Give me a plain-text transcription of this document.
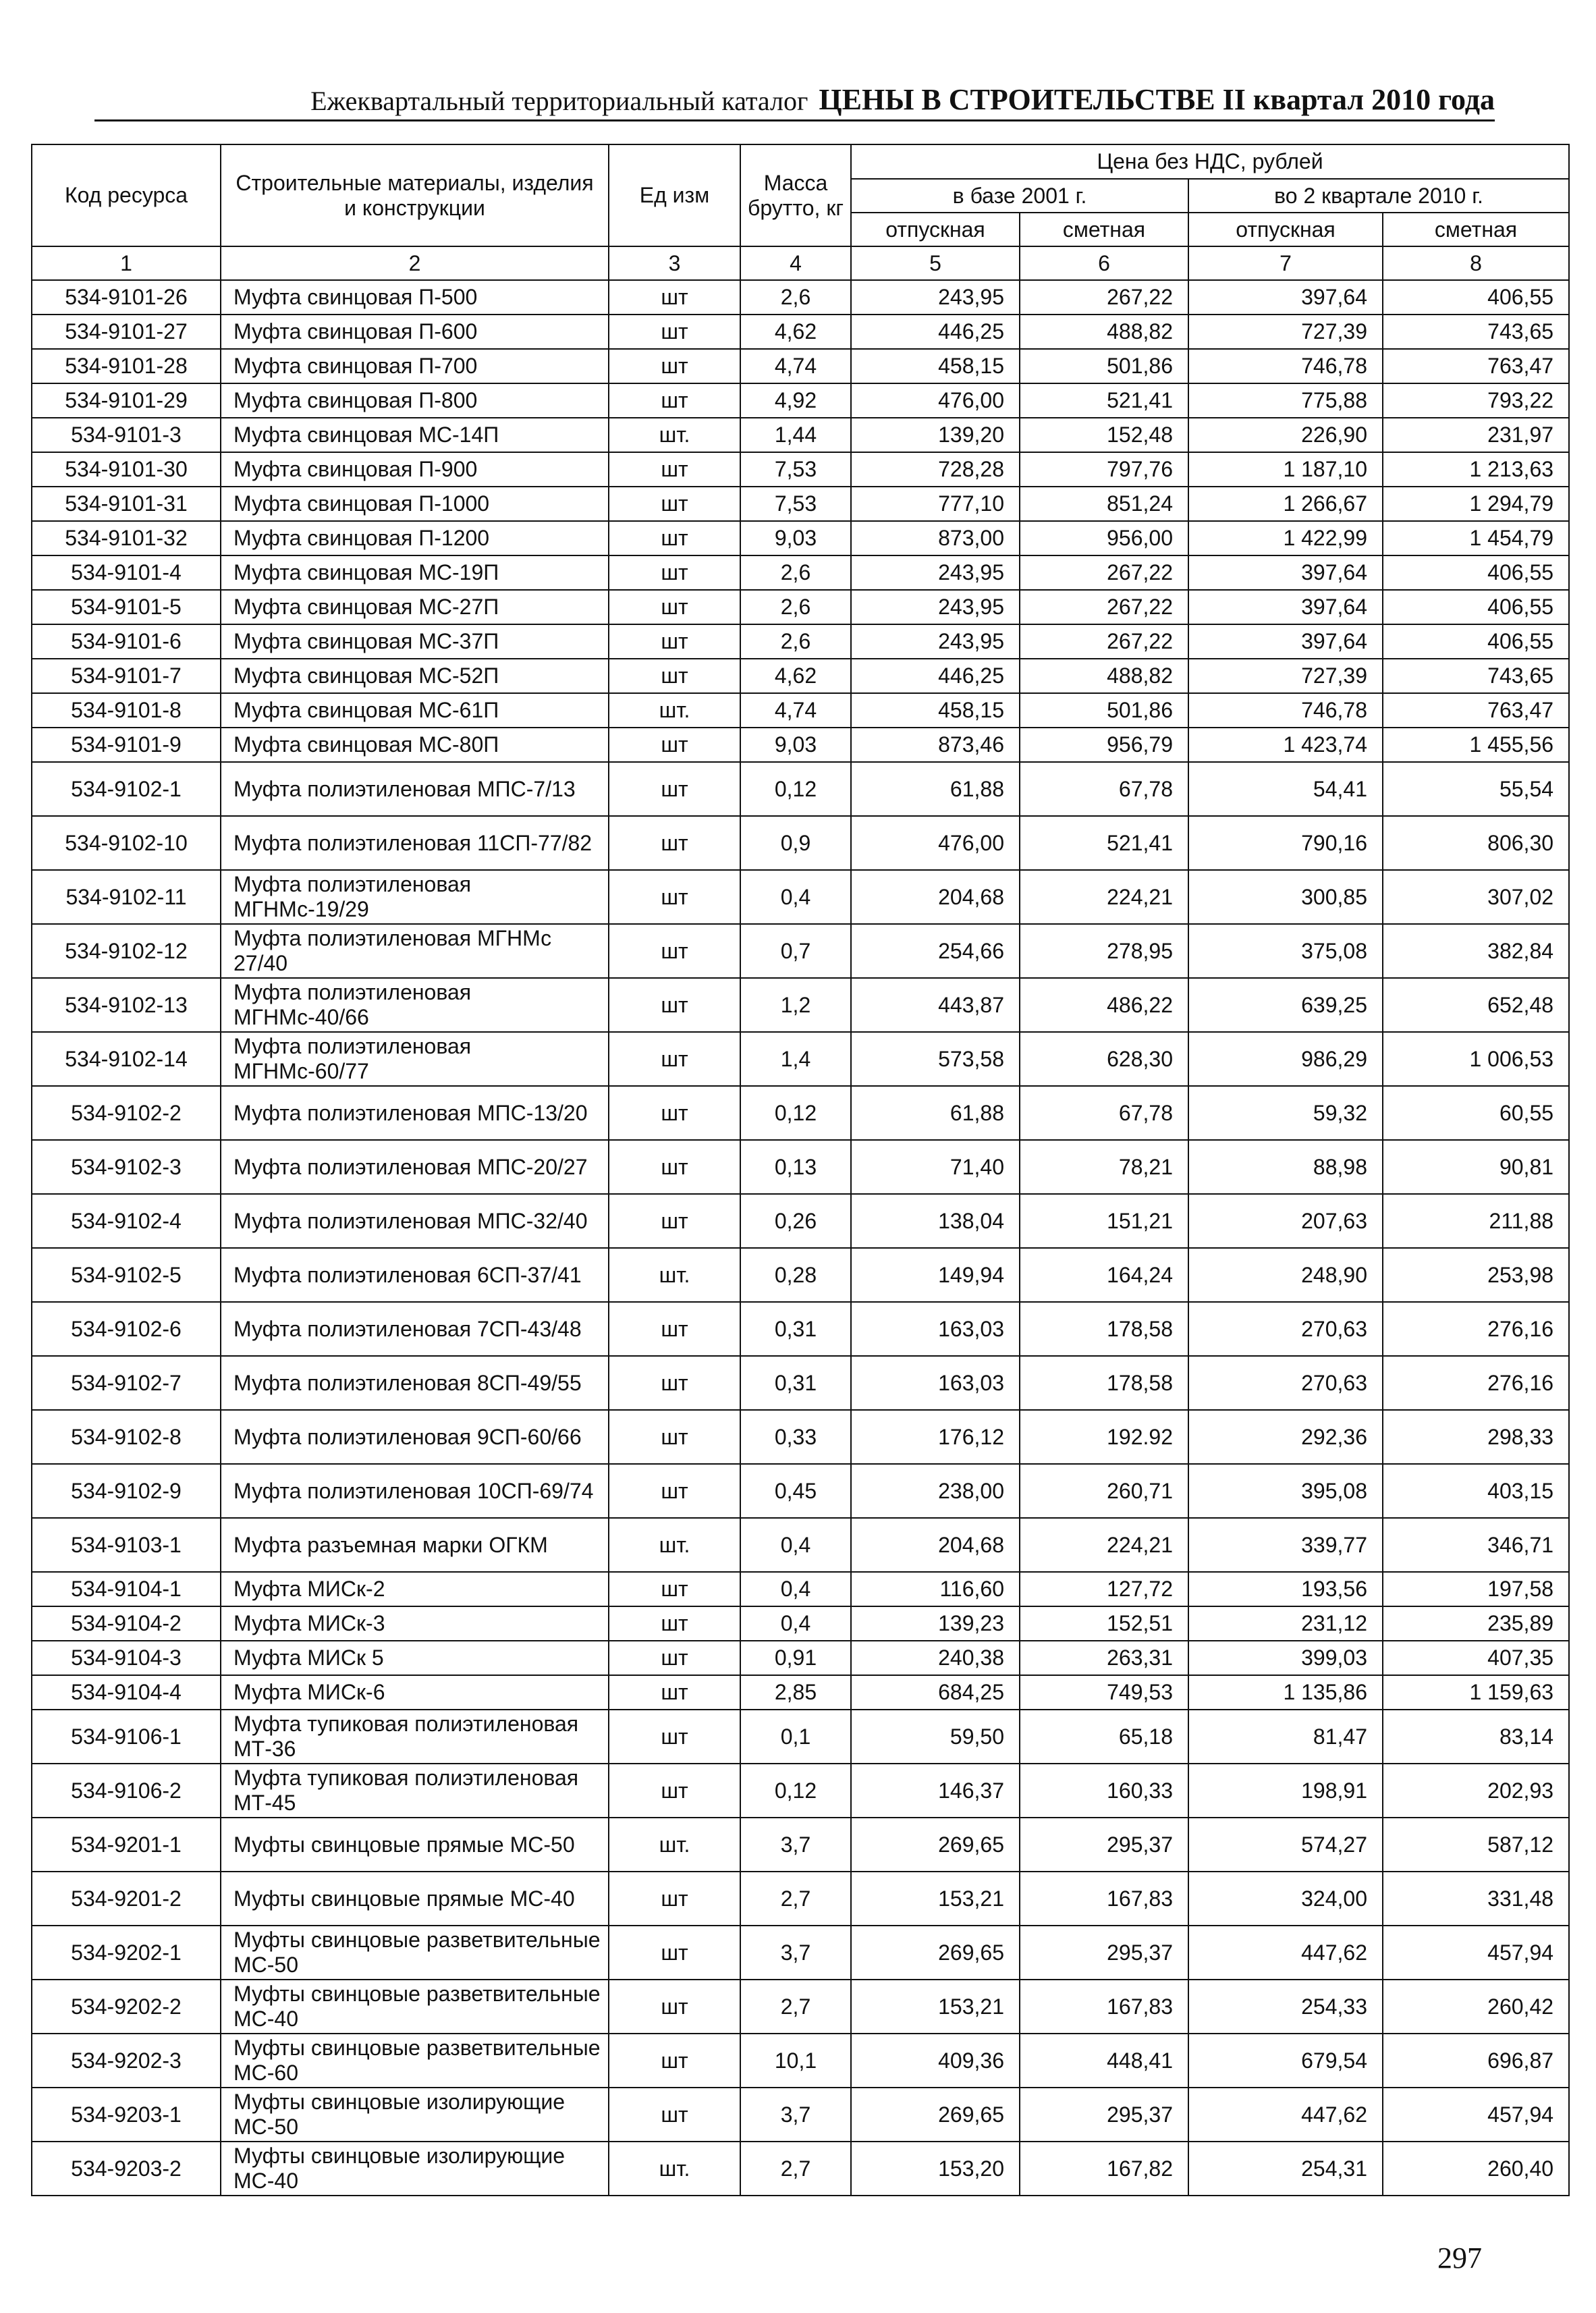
Ежеквартальный территориальный каталог ЦЕНЫ В СТРОИТЕЛЬСТВЕ II квартал 2010 года
Код ресурса	Строительные материалы, изделия и конструкции	Ед изм	Масса брутто, кг	Цена без НДС, рублей			
				в базе 2001 г.		во 2 квартале 2010 г.	
				отпускная	сметная	отпускная	сметная
1	2	3	4	5	6	7	8
534-9101-26	Муфта свинцовая П-500	шт	2,6	243,95	267,22	397,64	406,55
534-9101-27	Муфта свинцовая П-600	шт	4,62	446,25	488,82	727,39	743,65
534-9101-28	Муфта свинцовая П-700	шт	4,74	458,15	501,86	746,78	763,47
534-9101-29	Муфта свинцовая П-800	шт	4,92	476,00	521,41	775,88	793,22
534-9101-3	Муфта свинцовая МС-14П	шт.	1,44	139,20	152,48	226,90	231,97
534-9101-30	Муфта свинцовая П-900	шт	7,53	728,28	797,76	1 187,10	1 213,63
534-9101-31	Муфта свинцовая П-1000	шт	7,53	777,10	851,24	1 266,67	1 294,79
534-9101-32	Муфта свинцовая П-1200	шт	9,03	873,00	956,00	1 422,99	1 454,79
534-9101-4	Муфта свинцовая МС-19П	шт	2,6	243,95	267,22	397,64	406,55
534-9101-5	Муфта свинцовая МС-27П	шт	2,6	243,95	267,22	397,64	406,55
534-9101-6	Муфта свинцовая МС-37П	шт	2,6	243,95	267,22	397,64	406,55
534-9101-7	Муфта свинцовая МС-52П	шт	4,62	446,25	488,82	727,39	743,65
534-9101-8	Муфта свинцовая МС-61П	шт.	4,74	458,15	501,86	746,78	763,47
534-9101-9	Муфта свинцовая МС-80П	шт	9,03	873,46	956,79	1 423,74	1 455,56
534-9102-1	Муфта полиэтиленовая МПС-7/13	шт	0,12	61,88	67,78	54,41	55,54
534-9102-10	Муфта полиэтиленовая 11СП-77/82	шт	0,9	476,00	521,41	790,16	806,30
534-9102-11	Муфта полиэтиленовая МГНМс-19/29	шт	0,4	204,68	224,21	300,85	307,02
534-9102-12	Муфта полиэтиленовая МГНМс 27/40	шт	0,7	254,66	278,95	375,08	382,84
534-9102-13	Муфта полиэтиленовая МГНМс-40/66	шт	1,2	443,87	486,22	639,25	652,48
534-9102-14	Муфта полиэтиленовая МГНМс-60/77	шт	1,4	573,58	628,30	986,29	1 006,53
534-9102-2	Муфта полиэтиленовая МПС-13/20	шт	0,12	61,88	67,78	59,32	60,55
534-9102-3	Муфта полиэтиленовая МПС-20/27	шт	0,13	71,40	78,21	88,98	90,81
534-9102-4	Муфта полиэтиленовая МПС-32/40	шт	0,26	138,04	151,21	207,63	211,88
534-9102-5	Муфта полиэтиленовая 6СП-37/41	шт.	0,28	149,94	164,24	248,90	253,98
534-9102-6	Муфта полиэтиленовая 7СП-43/48	шт	0,31	163,03	178,58	270,63	276,16
534-9102-7	Муфта полиэтиленовая 8СП-49/55	шт	0,31	163,03	178,58	270,63	276,16
534-9102-8	Муфта полиэтиленовая 9СП-60/66	шт	0,33	176,12	192.92	292,36	298,33
534-9102-9	Муфта полиэтиленовая 10СП-69/74	шт	0,45	238,00	260,71	395,08	403,15
534-9103-1	Муфта разъемная марки ОГКМ	шт.	0,4	204,68	224,21	339,77	346,71
534-9104-1	Муфта МИСк-2	шт	0,4	116,60	127,72	193,56	197,58
534-9104-2	Муфта МИСк-3	шт	0,4	139,23	152,51	231,12	235,89
534-9104-3	Муфта МИСк 5	шт	0,91	240,38	263,31	399,03	407,35
534-9104-4	Муфта МИСк-6	шт	2,85	684,25	749,53	1 135,86	1 159,63
534-9106-1	Муфта тупиковая полиэтиленовая МТ-36	шт	0,1	59,50	65,18	81,47	83,14
534-9106-2	Муфта тупиковая полиэтиленовая МТ-45	шт	0,12	146,37	160,33	198,91	202,93
534-9201-1	Муфты свинцовые прямые МС-50	шт.	3,7	269,65	295,37	574,27	587,12
534-9201-2	Муфты свинцовые прямые МС-40	шт	2,7	153,21	167,83	324,00	331,48
534-9202-1	Муфты свинцовые разветвительные МС-50	шт	3,7	269,65	295,37	447,62	457,94
534-9202-2	Муфты свинцовые разветвительные МС-40	шт	2,7	153,21	167,83	254,33	260,42
534-9202-3	Муфты свинцовые разветвительные МС-60	шт	10,1	409,36	448,41	679,54	696,87
534-9203-1	Муфты свинцовые изолирующие МС-50	шт	3,7	269,65	295,37	447,62	457,94
534-9203-2	Муфты свинцовые изолирующие МС-40	шт.	2,7	153,20	167,82	254,31	260,40
297
